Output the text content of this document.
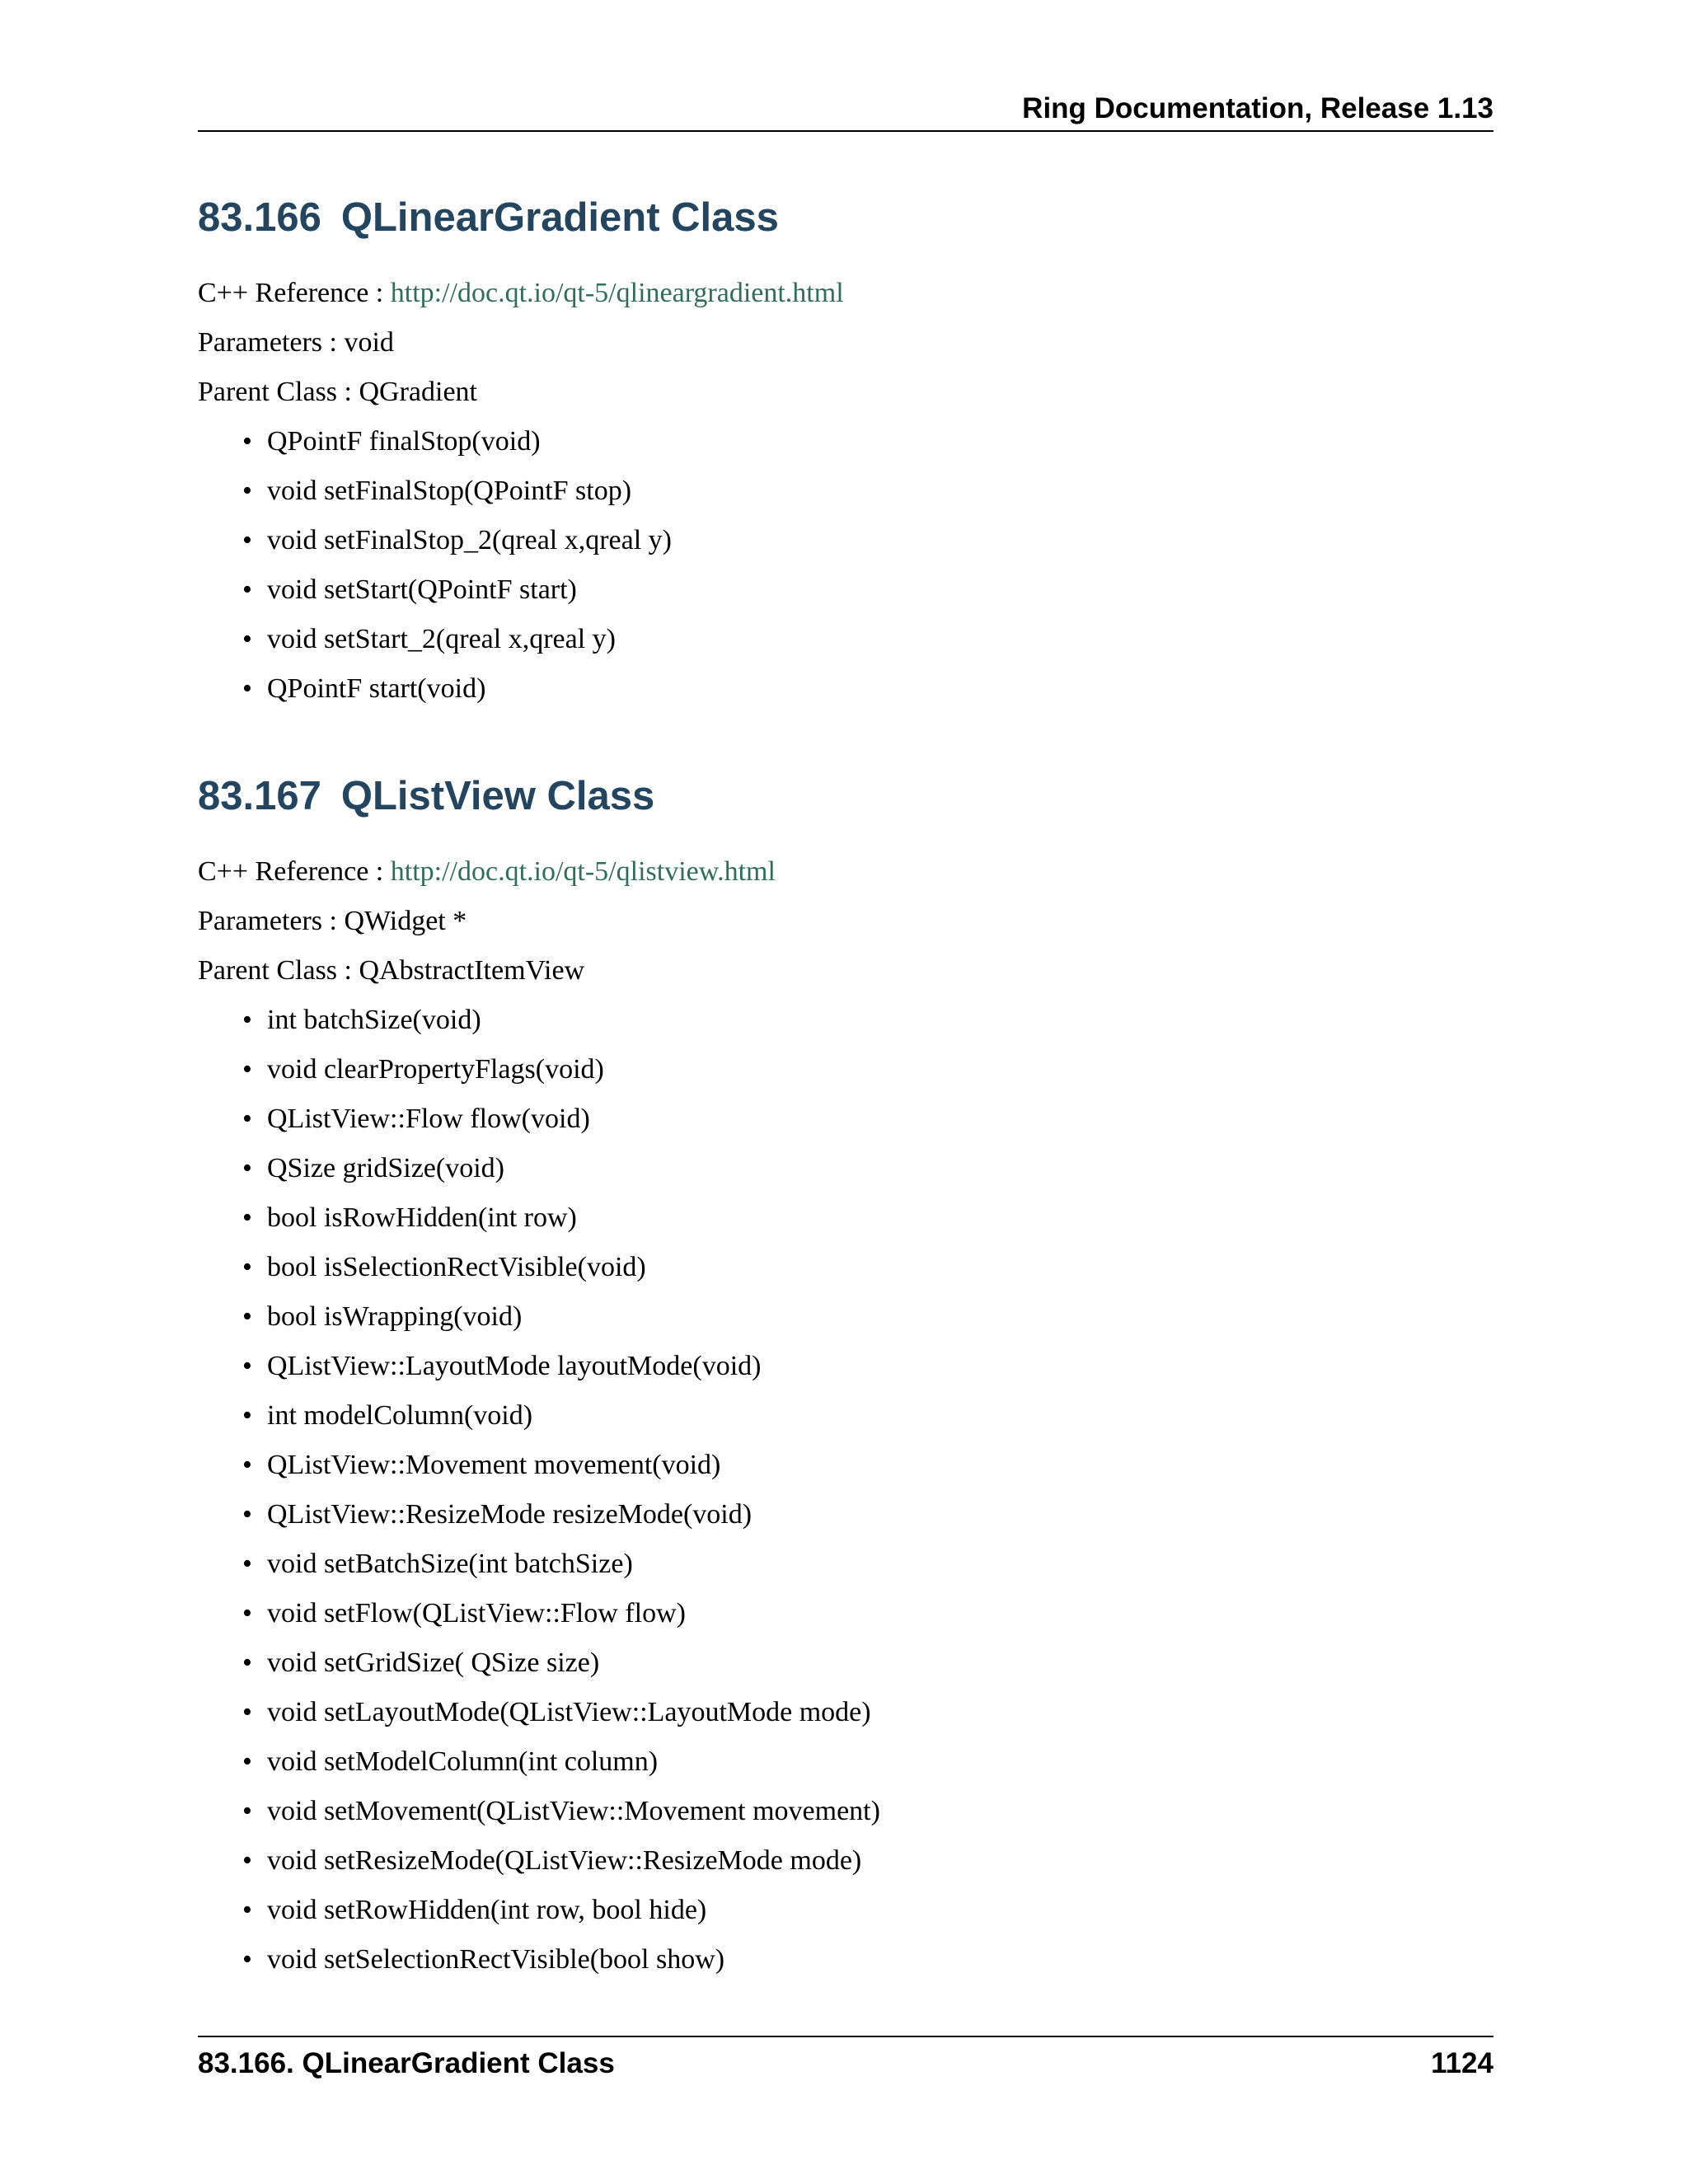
Ring Documentation, Release 1.13
83.166 QLinearGradient Class

C++ Reference : http://doc.qt.io/qt-5/qlineargradient.html

Parameters : void

Parent Class : QGradient

• QPointF finalStop(void)
• void setFinalStop(QPointF stop)
• void setFinalStop_2(qreal x,qreal y)
• void setStart(QPointF start)
• void setStart_2(qreal x,qreal y)
• QPointF start(void)
83.167 QListView Class

C++ Reference : http://doc.qt.io/qt-5/qlistview.html

Parameters : QWidget *

Parent Class : QAbstractItemView

• int batchSize(void)
• void clearPropertyFlags(void)
• QListView::Flow flow(void)
• QSize gridSize(void)
• bool isRowHidden(int row)
• bool isSelectionRectVisible(void)
• bool isWrapping(void)
• QListView::LayoutMode layoutMode(void)
• int modelColumn(void)
• QListView::Movement movement(void)
• QListView::ResizeMode resizeMode(void)
• void setBatchSize(int batchSize)
• void setFlow(QListView::Flow flow)
• void setGridSize( QSize size)
• void setLayoutMode(QListView::LayoutMode mode)
• void setModelColumn(int column)
• void setMovement(QListView::Movement movement)
• void setResizeMode(QListView::ResizeMode mode)
• void setRowHidden(int row, bool hide)
• void setSelectionRectVisible(bool show)
83.166. QLinearGradient Class	1124
